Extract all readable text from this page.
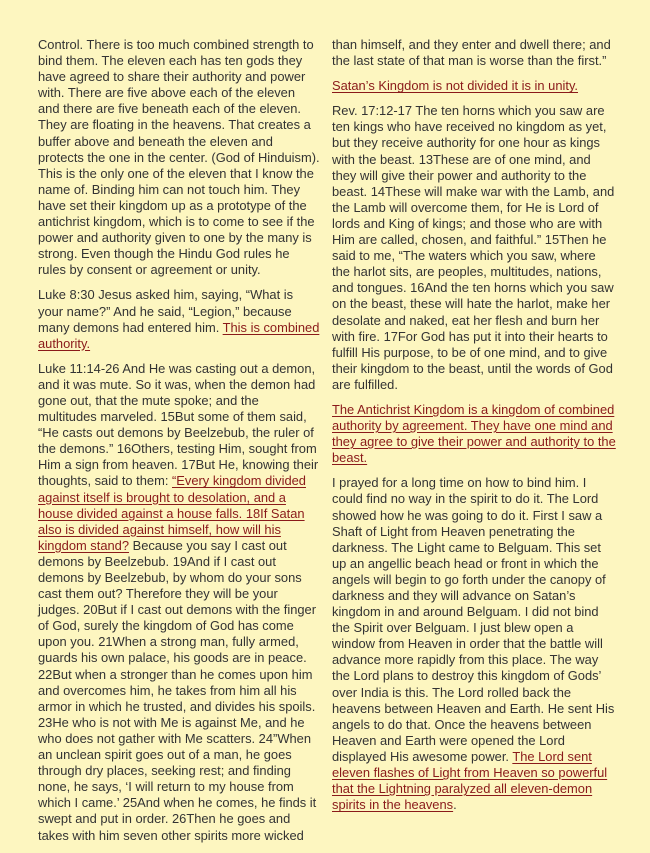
Control. There is too much combined strength to bind them. The eleven each has ten gods they have agreed to share their authority and power with. There are five above each of the eleven and there are five beneath each of the eleven. They are floating in the heavens. That creates a buffer above and beneath the eleven and protects the one in the center. (God of Hinduism). This is the only one of the eleven that I know the name of. Binding him can not touch him. They have set their kingdom up as a prototype of the antichrist kingdom, which is to come to see if the power and authority given to one by the many is strong. Even though the Hindu God rules he rules by consent or agreement or unity.

Luke 8:30 Jesus asked him, saying, “What is your name?” And he said, “Legion,” because many demons had entered him. This is combined authority.

Luke 11:14-26 And He was casting out a demon, and it was mute. So it was, when the demon had gone out, that the mute spoke; and the multitudes marveled. 15But some of them said, “He casts out demons by Beelzebub, the ruler of the demons.” 16Others, testing Him, sought from Him a sign from heaven. 17But He, knowing their thoughts, said to them: “Every kingdom divided against itself is brought to desolation, and a house divided against a house falls. 18If Satan also is divided against himself, how will his kingdom stand? Because you say I cast out demons by Beelzebub. 19And if I cast out demons by Beelzebub, by whom do your sons cast them out? Therefore they will be your judges. 20But if I cast out demons with the finger of God, surely the kingdom of God has come upon you. 21When a strong man, fully armed, guards his own palace, his goods are in peace. 22But when a stronger than he comes upon him and overcomes him, he takes from him all his armor in which he trusted, and divides his spoils. 23He who is not with Me is against Me, and he who does not gather with Me scatters. 24”When an unclean spirit goes out of a man, he goes through dry places, seeking rest; and finding none, he says, ‘I will return to my house from which I came.’ 25And when he comes, he finds it swept and put in order. 26Then he goes and takes with him seven other spirits more wicked

than himself, and they enter and dwell there; and the last state of that man is worse than the first.”

Satan’s Kingdom is not divided it is in unity.

Rev. 17:12-17 The ten horns which you saw are ten kings who have received no kingdom as yet, but they receive authority for one hour as kings with the beast. 13These are of one mind, and they will give their power and authority to the beast. 14These will make war with the Lamb, and the Lamb will overcome them, for He is Lord of lords and King of kings; and those who are with Him are called, chosen, and faithful.” 15Then he said to me, “The waters which you saw, where the harlot sits, are peoples, multitudes, nations, and tongues. 16And the ten horns which you saw on the beast, these will hate the harlot, make her desolate and naked, eat her flesh and burn her with fire. 17For God has put it into their hearts to fulfill His purpose, to be of one mind, and to give their kingdom to the beast, until the words of God are fulfilled.

The Antichrist Kingdom is a kingdom of combined authority by agreement. They have one mind and they agree to give their power and authority to the beast.

I prayed for a long time on how to bind him. I could find no way in the spirit to do it. The Lord showed how he was going to do it. First I saw a Shaft of Light from Heaven penetrating the darkness. The Light came to Belguam. This set up an angellic beach head or front in which the angels will begin to go forth under the canopy of darkness and they will advance on Satan’s kingdom in and around Belguam. I did not bind the Spirit over Belguam. I just blew open a window from Heaven in order that the battle will advance more rapidly from this place. The way the Lord plans to destroy this kingdom of Gods’ over India is this. The Lord rolled back the heavens between Heaven and Earth. He sent His angels to do that. Once the heavens between Heaven and Earth were opened the Lord displayed His awesome power. The Lord sent eleven flashes of Light from Heaven so powerful that the Lightning paralyzed all eleven-demon spirits in the heavens.
